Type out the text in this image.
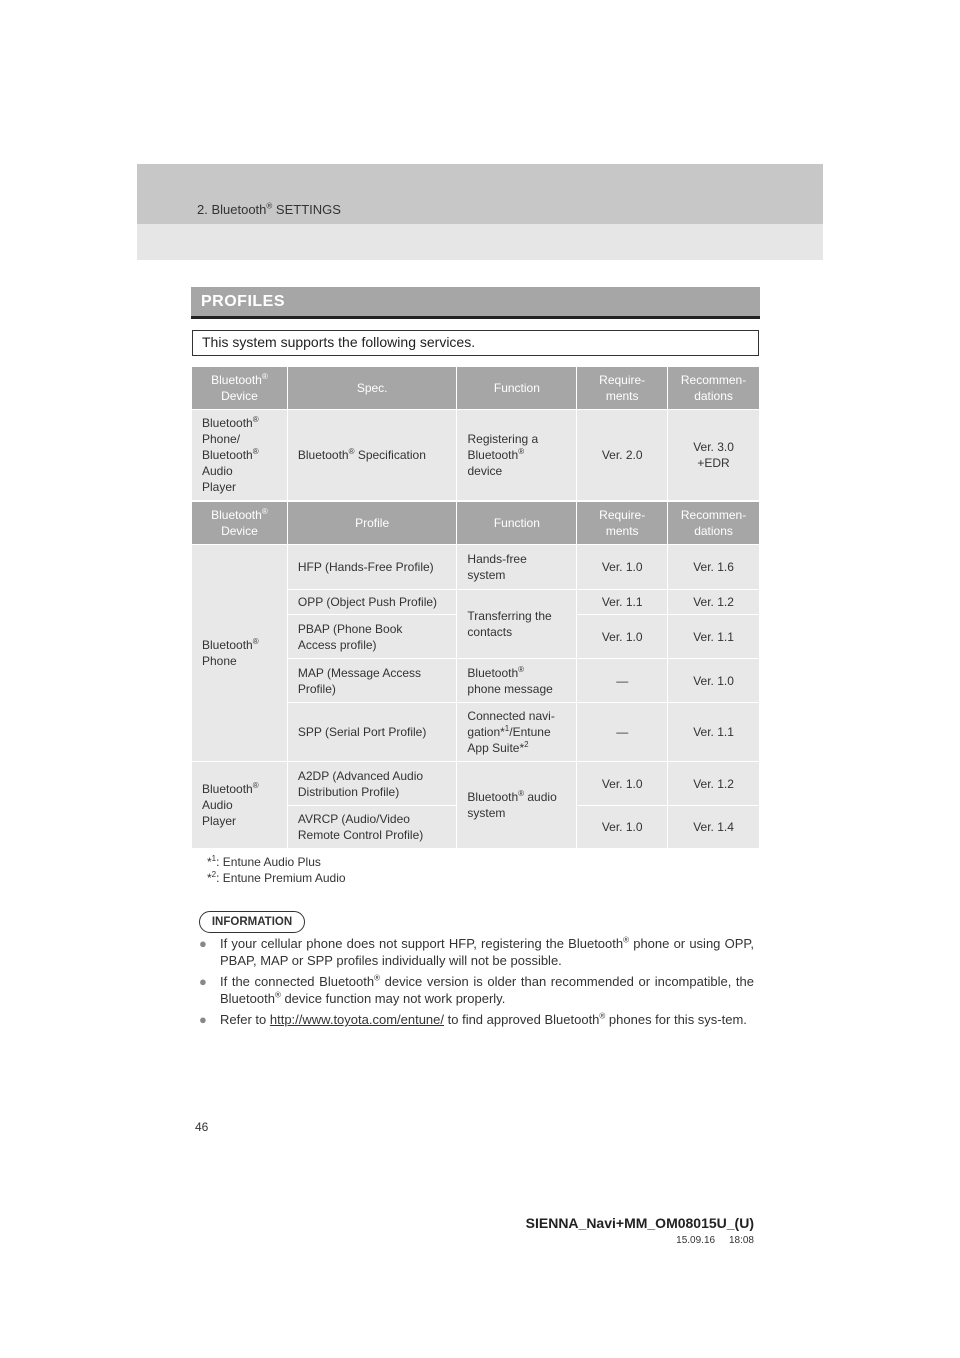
2. Bluetooth® SETTINGS
PROFILES
This system supports the following services.
Bluetooth®
Device	Spec.	Function	Require-
ments	Recommen-
dations
Bluetooth®
Phone/
Bluetooth®
Audio
Player	Bluetooth® Specification	Registering a
Bluetooth®
device	Ver. 2.0	Ver. 3.0
+EDR
Bluetooth®
Device	Profile	Function	Require-
ments	Recommen-
dations
Bluetooth®
Phone	HFP (Hands-Free Profile)	Hands-free
system	Ver. 1.0	Ver. 1.6
	OPP (Object Push Profile)	Transferring the
contacts	Ver. 1.1	Ver. 1.2
	PBAP (Phone Book
Access profile)		Ver. 1.0	Ver. 1.1
	MAP (Message Access
Profile)	Bluetooth®
phone message	—	Ver. 1.0
	SPP (Serial Port Profile)	Connected navi-
gation*$^1$/Entune
App Suite*$^2$	—	Ver. 1.1
Bluetooth®
Audio
Player	A2DP (Advanced Audio
Distribution Profile)	Bluetooth® audio
system	Ver. 1.0	Ver. 1.2
	AVRCP (Audio/Video
Remote Control Profile)		Ver. 1.0	Ver. 1.4
*$^1$: Entune Audio Plus
*$^2$: Entune Premium Audio
INFORMATION
● If your cellular phone does not support HFP, registering the Bluetooth® phone or using OPP, PBAP, MAP or SPP profiles individually will not be possible.
● If the connected Bluetooth® device version is older than recommended or incompatible, the Bluetooth® device function may not work properly.
● Refer to http://www.toyota.com/entune/ to find approved Bluetooth® phones for this sys-tem.
46
SIENNA_Navi+MM_OM08015U_(U)
15.09.16     18:08
